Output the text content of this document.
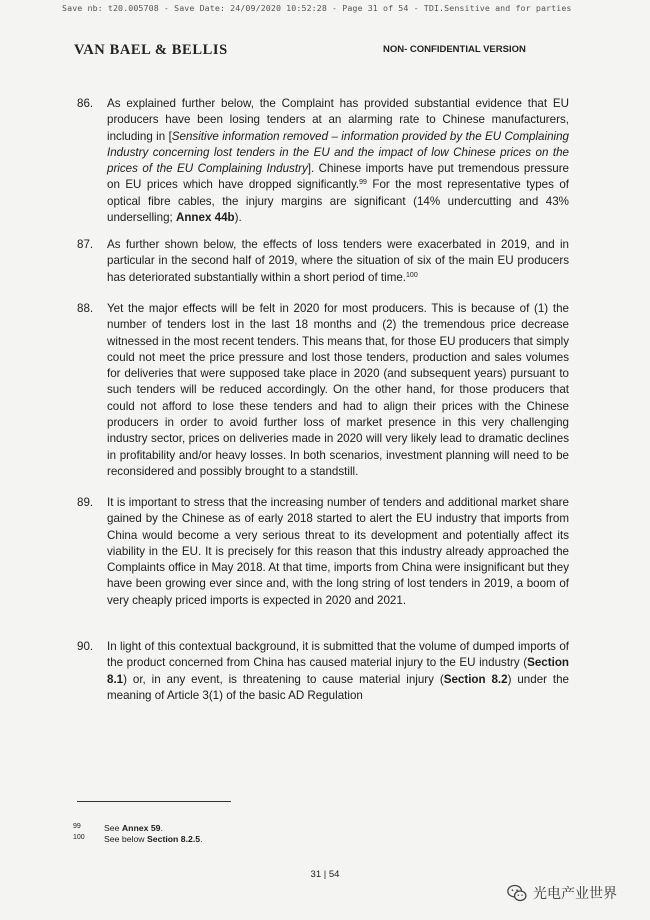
Save nb: t20.005708 - Save Date: 24/09/2020 10:52:28 - Page 31 of 54 - TDI.Sensitive and for parties
VAN BAEL & BELLIS	NON- CONFIDENTIAL VERSION
86. As explained further below, the Complaint has provided substantial evidence that EU producers have been losing tenders at an alarming rate to Chinese manufacturers, including in [Sensitive information removed – information provided by the EU Complaining Industry concerning lost tenders in the EU and the impact of low Chinese prices on the prices of the EU Complaining Industry]. Chinese imports have put tremendous pressure on EU prices which have dropped significantly.$^{99}$ For the most representative types of optical fibre cables, the injury margins are significant (14% undercutting and 43% underselling; Annex 44b).

87. As further shown below, the effects of loss tenders were exacerbated in 2019, and in particular in the second half of 2019, where the situation of six of the main EU producers has deteriorated substantially within a short period of time.$^{100}$

88. Yet the major effects will be felt in 2020 for most producers. This is because of (1) the number of tenders lost in the last 18 months and (2) the tremendous price decrease witnessed in the most recent tenders. This means that, for those EU producers that simply could not meet the price pressure and lost those tenders, production and sales volumes for deliveries that were supposed take place in 2020 (and subsequent years) pursuant to such tenders will be reduced accordingly. On the other hand, for those producers that could not afford to lose these tenders and had to align their prices with the Chinese producers in order to avoid further loss of market presence in this very challenging industry sector, prices on deliveries made in 2020 will very likely lead to dramatic declines in profitability and/or heavy losses. In both scenarios, investment planning will need to be reconsidered and possibly brought to a standstill.

89. It is important to stress that the increasing number of tenders and additional market share gained by the Chinese as of early 2018 started to alert the EU industry that imports from China would become a very serious threat to its development and potentially affect its viability in the EU. It is precisely for this reason that this industry already approached the Complaints office in May 2018. At that time, imports from China were insignificant but they have been growing ever since and, with the long string of lost tenders in 2019, a boom of very cheaply priced imports is expected in 2020 and 2021.

90. In light of this contextual background, it is submitted that the volume of dumped imports of the product concerned from China has caused material injury to the EU industry (Section 8.1) or, in any event, is threatening to cause material injury (Section 8.2) under the meaning of Article 3(1) of the basic AD Regulation

99	See Annex 59.
100 See below Section 8.2.5.
31 | 54
光电产业世界
